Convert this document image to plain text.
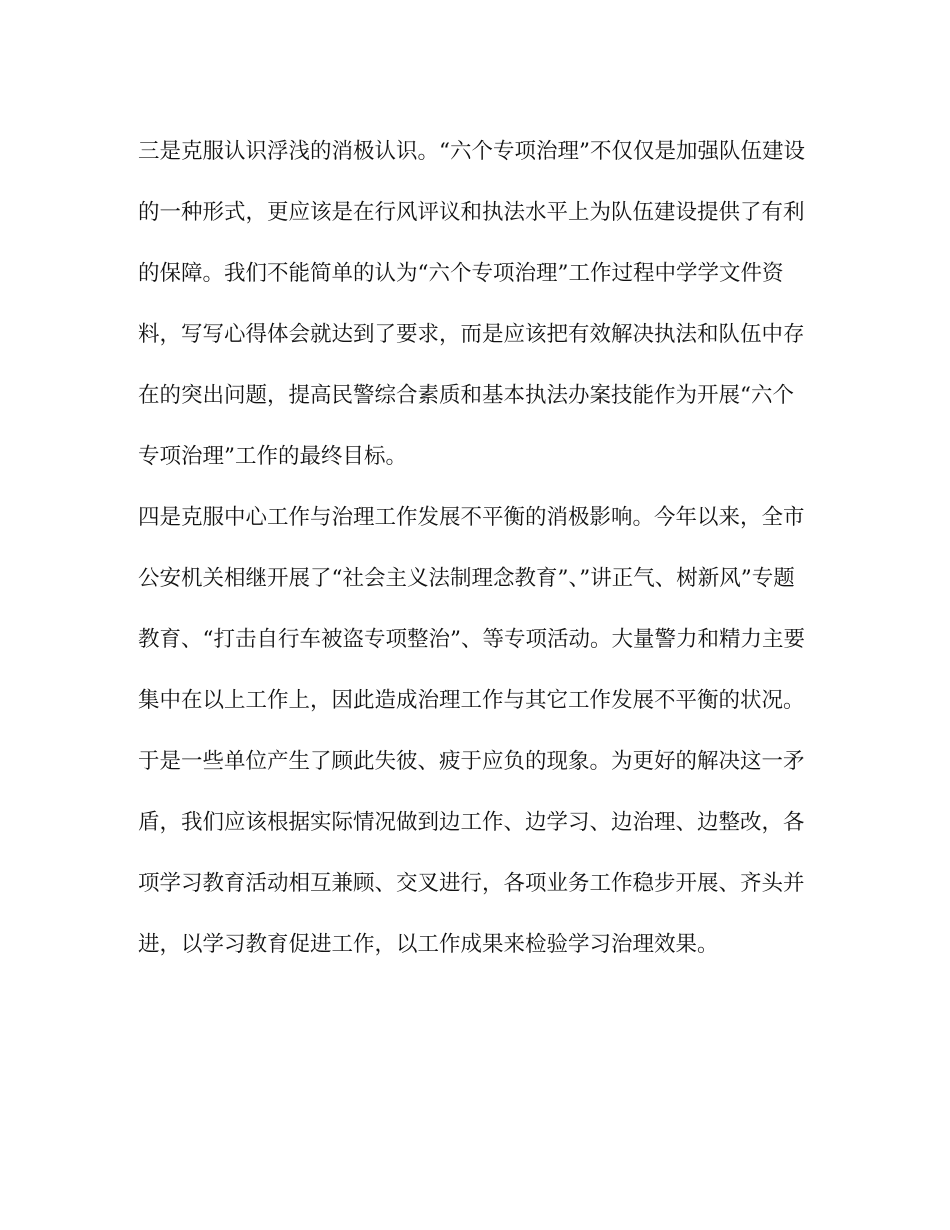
三是克服认识浮浅的消极认识。“六个专项治理”不仅仅是加强队伍建设
的一种形式，更应该是在行风评议和执法水平上为队伍建设提供了有利
的保障。我们不能简单的认为“六个专项治理”工作过程中学学文件资
料，写写心得体会就达到了要求，而是应该把有效解决执法和队伍中存
在的突出问题，提高民警综合素质和基本执法办案技能作为开展“六个
专项治理”工作的最终目标。
四是克服中心工作与治理工作发展不平衡的消极影响。今年以来，全市
公安机关相继开展了“社会主义法制理念教育”、”讲正气、树新风”专题
教育、“打击自行车被盗专项整治”、等专项活动。大量警力和精力主要
集中在以上工作上，因此造成治理工作与其它工作发展不平衡的状况。
于是一些单位产生了顾此失彼、疲于应负的现象。为更好的解决这一矛
盾，我们应该根据实际情况做到边工作、边学习、边治理、边整改，各
项学习教育活动相互兼顾、交叉进行，各项业务工作稳步开展、齐头并
进，以学习教育促进工作，以工作成果来检验学习治理效果。
